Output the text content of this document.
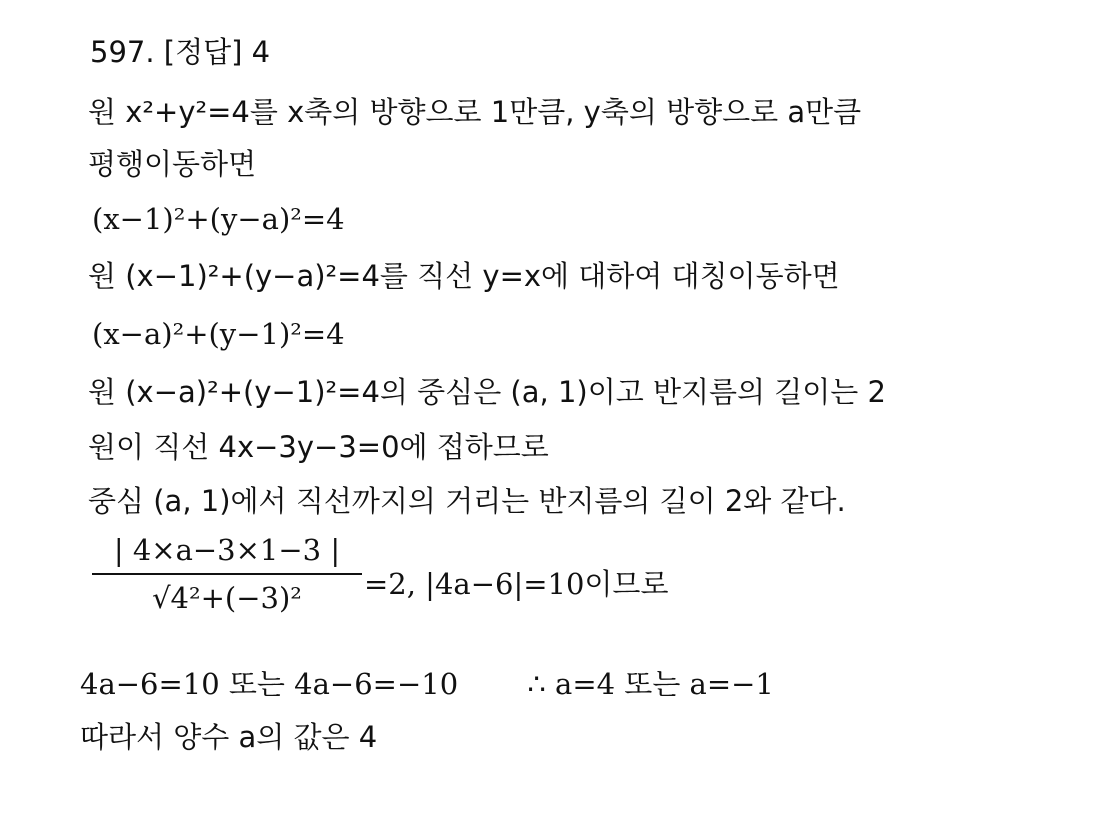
597. [정답] 4
원 x²+y²=4를 x축의 방향으로 1만큼, y축의 방향으로 a만큼
평행이동하면
(x−1)²+(y−a)²=4
원 (x−1)²+(y−a)²=4를 직선 y=x에 대하여 대칭이동하면
(x−a)²+(y−1)²=4
원 (x−a)²+(y−1)²=4의 중심은 (a, 1)이고 반지름의 길이는 2
원이 직선 4x−3y−3=0에 접하므로
중심 (a, 1)에서 직선까지의 거리는 반지름의 길이 2와 같다.
| 4×a−3×1−3 |
√4²+(−3)²	=2, |4a−6|=10이므로
4a−6=10 또는 4a−6=−10 ∴ a=4 또는 a=−1
따라서 양수 a의 값은 4
